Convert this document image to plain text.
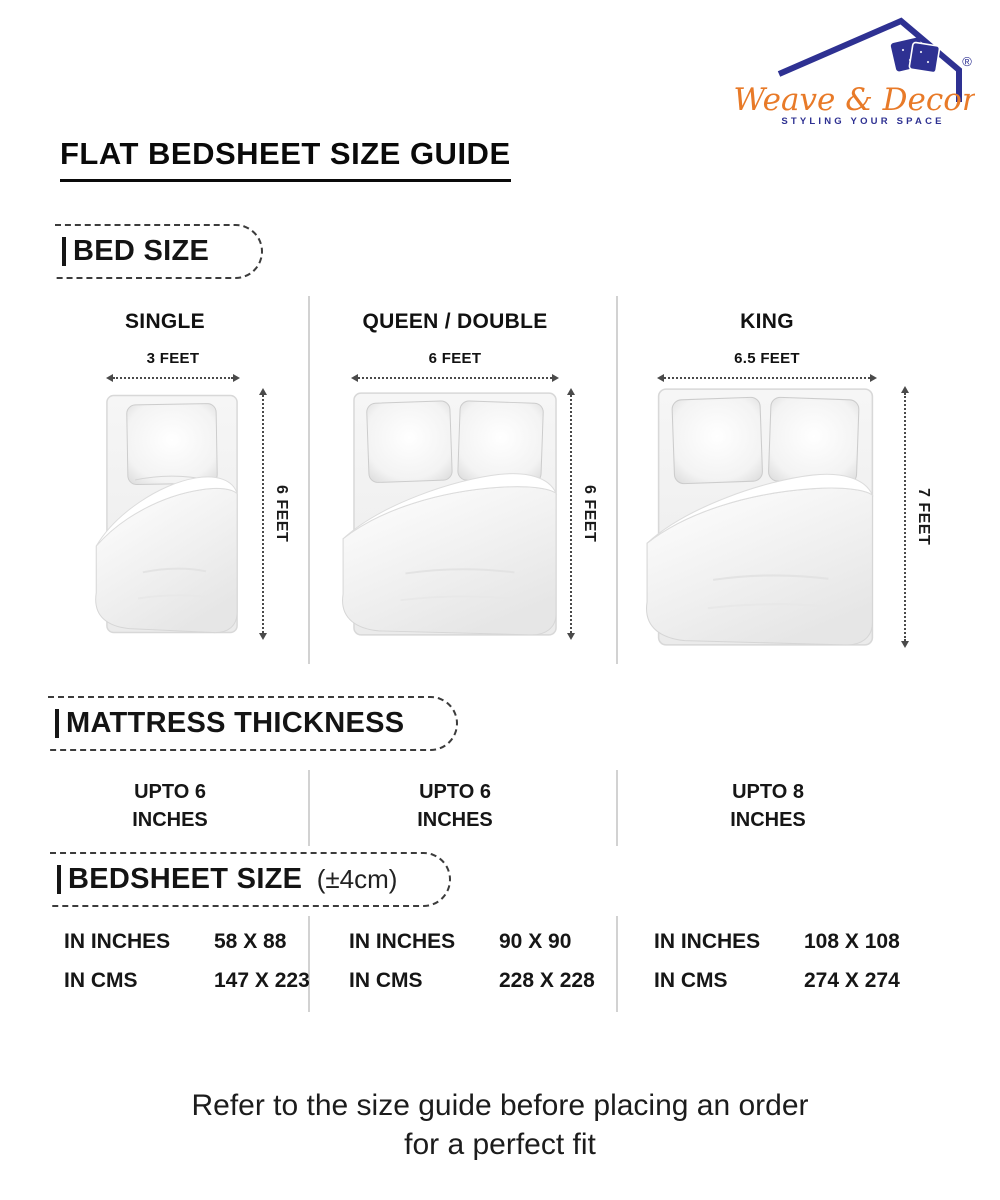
®
Weave & Decor
STYLING YOUR SPACE
FLAT BEDSHEET SIZE GUIDE
BED SIZE
SINGLE	QUEEN / DOUBLE	KING
3 FEET	6 FEET	6.5 FEET
6 FEET	6 FEET	7 FEET
MATTRESS THICKNESS
UPTO 6
INCHES
UPTO 6
INCHES
UPTO 8
INCHES
BEDSHEET SIZE (±4cm)
IN INCHES	58 X 88
IN CMS	147 X 223
IN INCHES	90 X 90
IN CMS	228 X 228
IN INCHES	108 X 108
IN CMS	274 X 274
Refer to the size guide before placing an order
for a perfect fit
